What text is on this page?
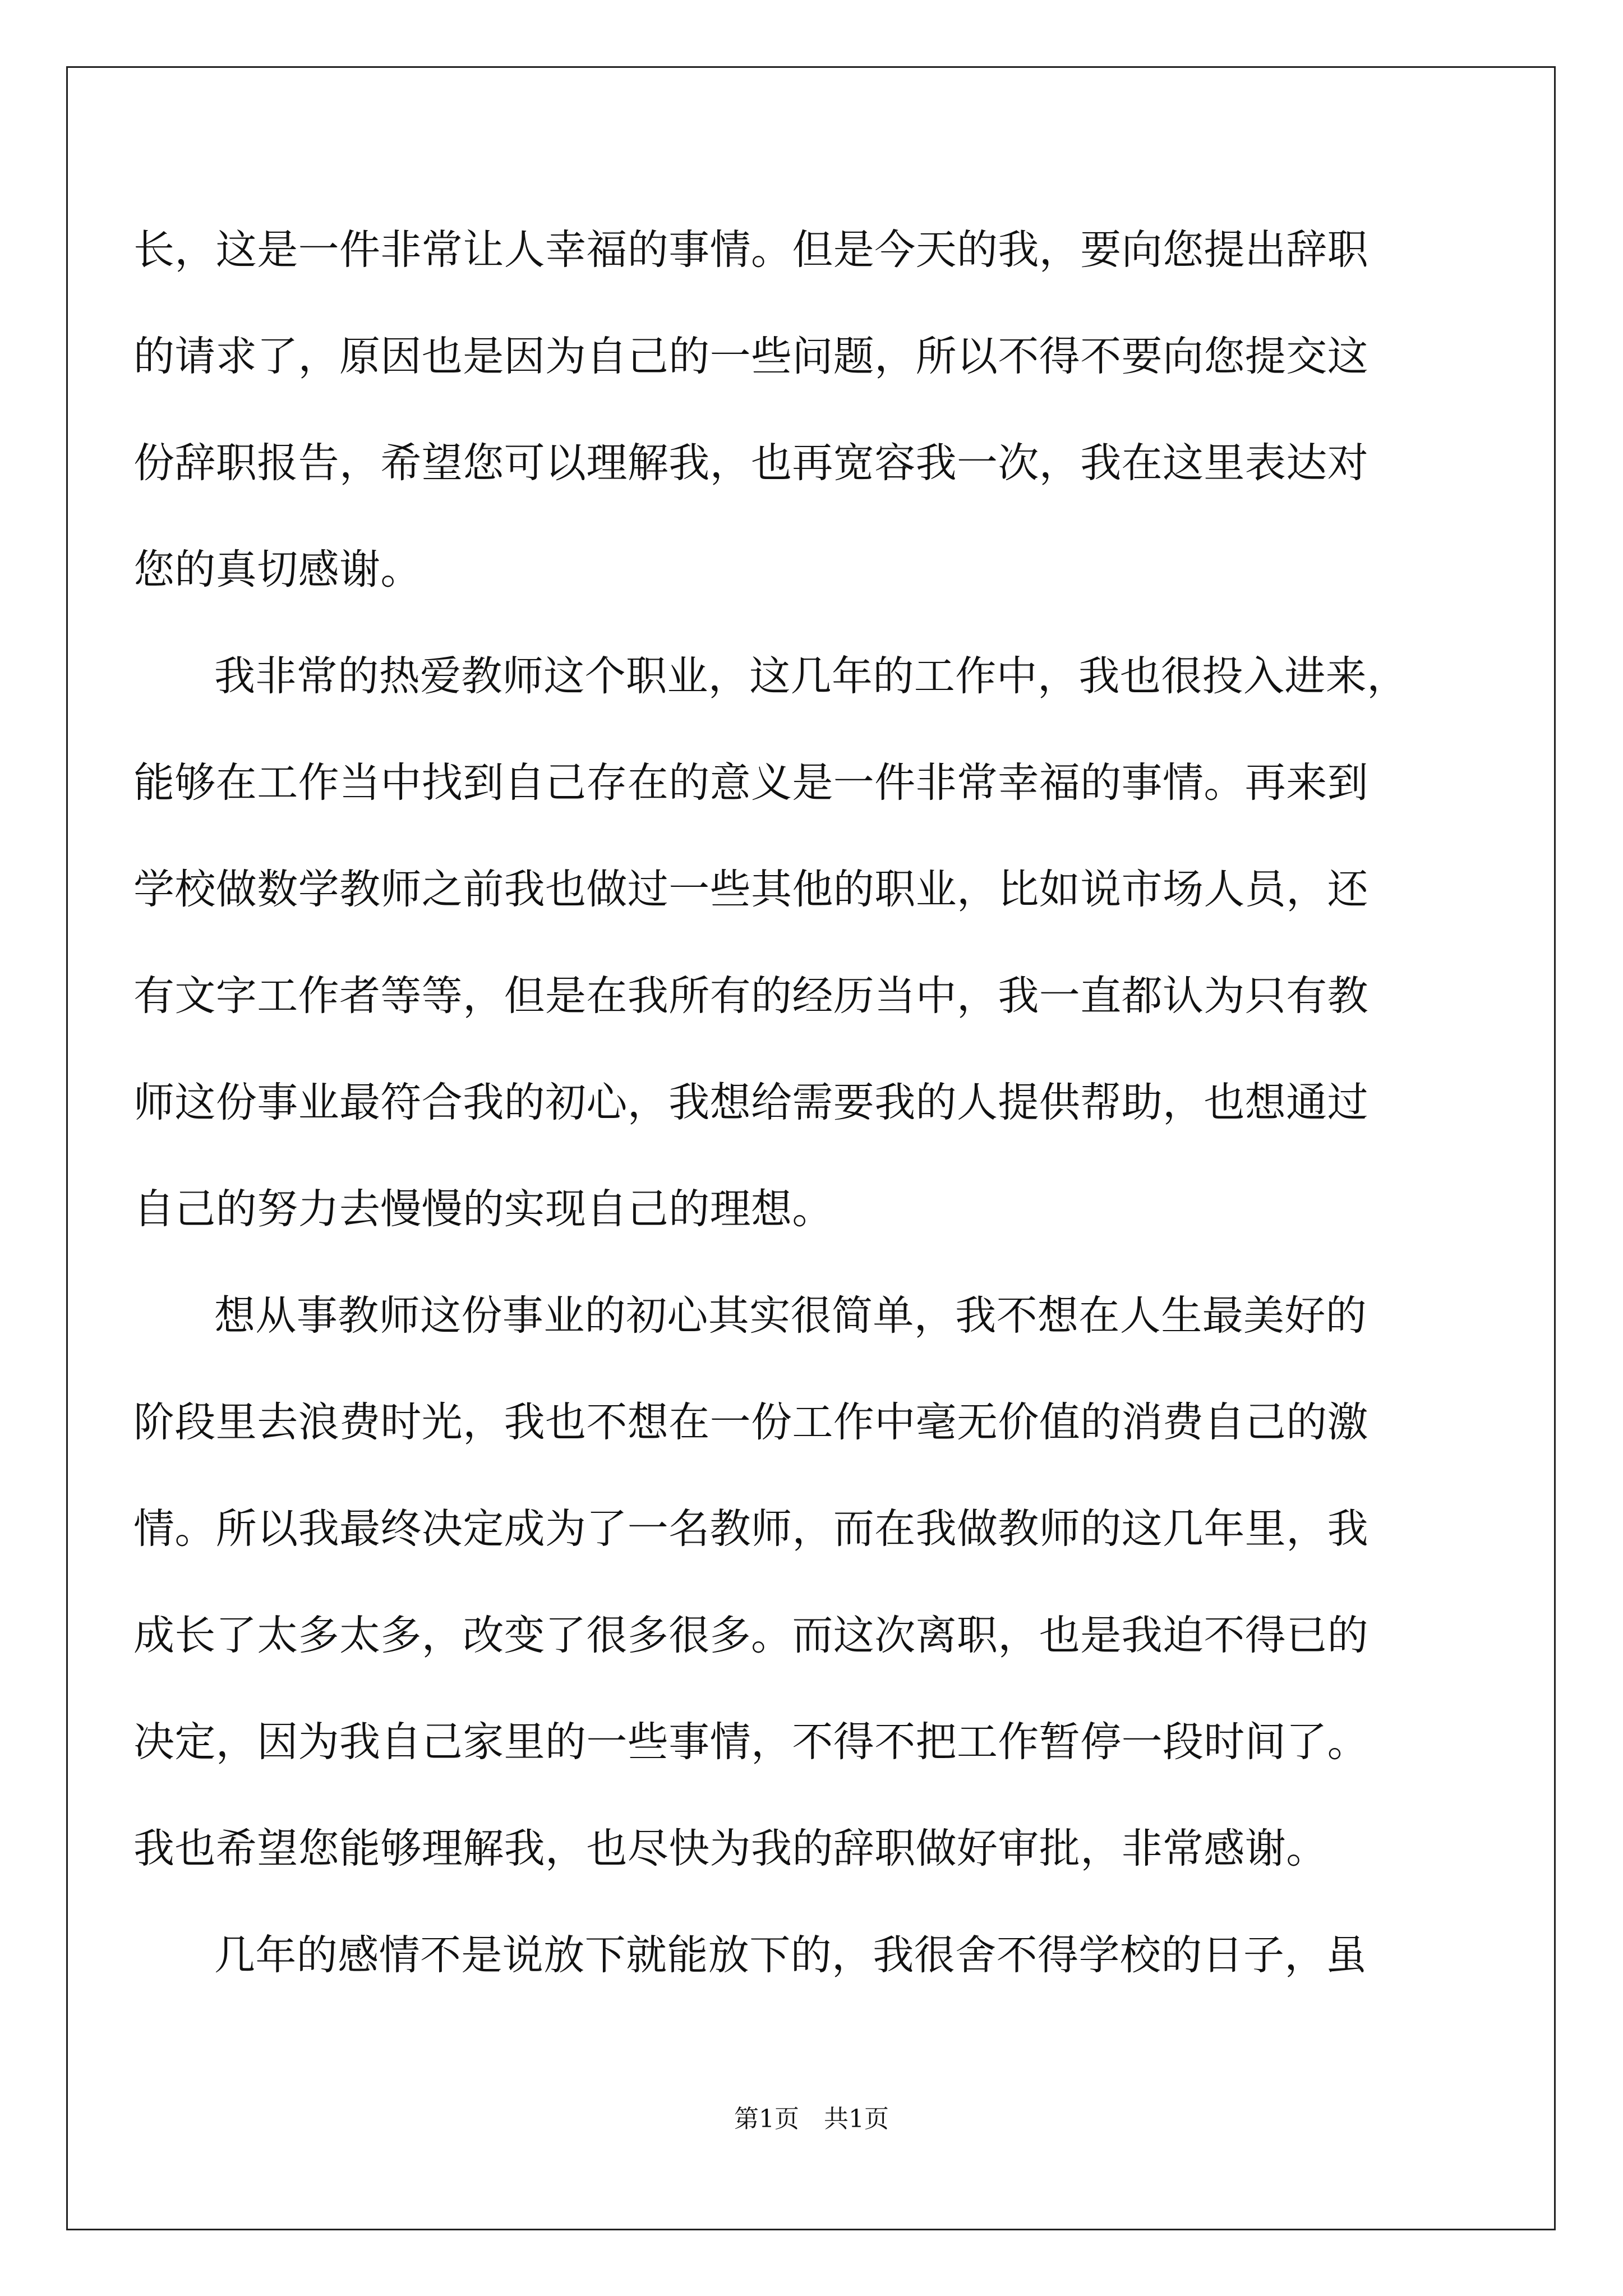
长，这是一件非常让人幸福的事情。但是今天的我，要向您提出辞职
的请求了，原因也是因为自己的一些问题，所以不得不要向您提交这
份辞职报告，希望您可以理解我，也再宽容我一次，我在这里表达对
您的真切感谢。
我非常的热爱教师这个职业，这几年的工作中，我也很投入进来，
能够在工作当中找到自己存在的意义是一件非常幸福的事情。再来到
学校做数学教师之前我也做过一些其他的职业，比如说市场人员，还
有文字工作者等等，但是在我所有的经历当中，我一直都认为只有教
师这份事业最符合我的初心，我想给需要我的人提供帮助，也想通过
自己的努力去慢慢的实现自己的理想。
想从事教师这份事业的初心其实很简单，我不想在人生最美好的
阶段里去浪费时光，我也不想在一份工作中毫无价值的消费自己的激
情。所以我最终决定成为了一名教师，而在我做教师的这几年里，我
成长了太多太多，改变了很多很多。而这次离职，也是我迫不得已的
决定，因为我自己家里的一些事情，不得不把工作暂停一段时间了。
我也希望您能够理解我，也尽快为我的辞职做好审批，非常感谢。
几年的感情不是说放下就能放下的，我很舍不得学校的日子，虽
第1页 共1页
